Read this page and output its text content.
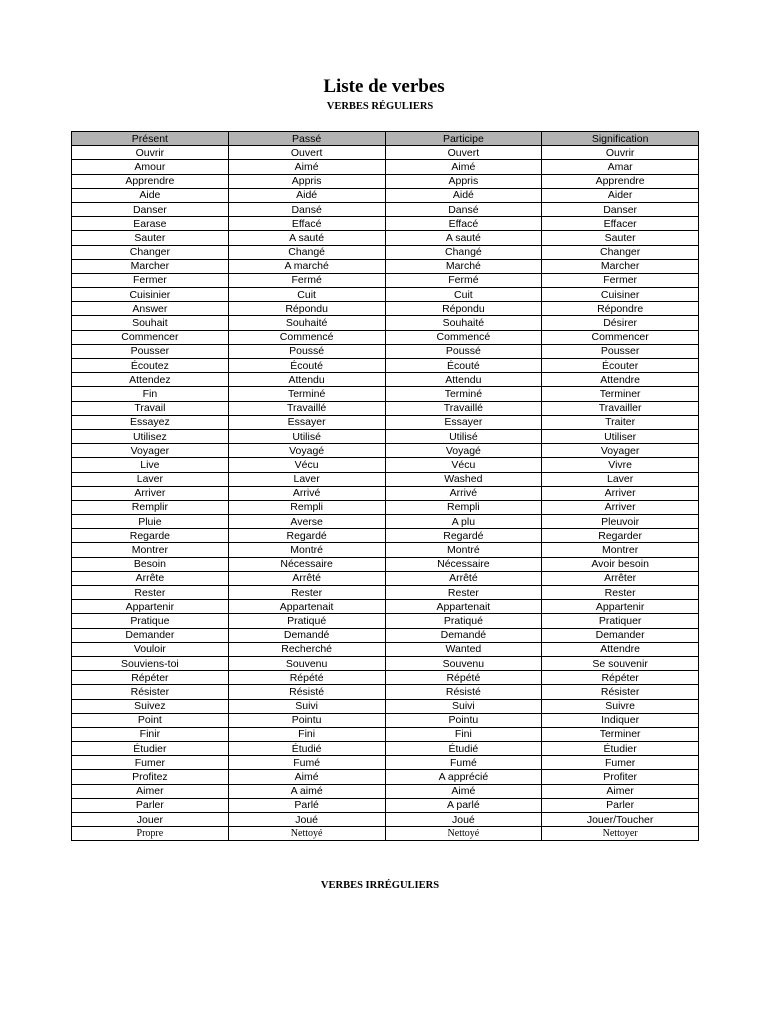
Liste de verbes
VERBES RÉGULIERS
Présent	Passé	Participe	Signification
Ouvrir	Ouvert	Ouvert	Ouvrir
Amour	Aimé	Aimé	Amar
Apprendre	Appris	Appris	Apprendre
Aide	Aidé	Aidé	Aider
Danser	Dansé	Dansé	Danser
Earase	Effacé	Effacé	Effacer
Sauter	A sauté	A sauté	Sauter
Changer	Changé	Changé	Changer
Marcher	A marché	Marché	Marcher
Fermer	Fermé	Fermé	Fermer
Cuisinier	Cuit	Cuit	Cuisiner
Answer	Répondu	Répondu	Répondre
Souhait	Souhaité	Souhaité	Désirer
Commencer	Commencé	Commencé	Commencer
Pousser	Poussé	Poussé	Pousser
Écoutez	Écouté	Écouté	Écouter
Attendez	Attendu	Attendu	Attendre
Fin	Terminé	Terminé	Terminer
Travail	Travaillé	Travaillé	Travailler
Essayez	Essayer	Essayer	Traiter
Utilisez	Utilisé	Utilisé	Utiliser
Voyager	Voyagé	Voyagé	Voyager
Live	Vécu	Vécu	Vivre
Laver	Laver	Washed	Laver
Arriver	Arrivé	Arrivé	Arriver
Remplir	Rempli	Rempli	Arriver
Pluie	Averse	A plu	Pleuvoir
Regarde	Regardé	Regardé	Regarder
Montrer	Montré	Montré	Montrer
Besoin	Nécessaire	Nécessaire	Avoir besoin
Arrête	Arrêté	Arrêté	Arrêter
Rester	Rester	Rester	Rester
Appartenir	Appartenait	Appartenait	Appartenir
Pratique	Pratiqué	Pratiqué	Pratiquer
Demander	Demandé	Demandé	Demander
Vouloir	Recherché	Wanted	Attendre
Souviens-toi	Souvenu	Souvenu	Se souvenir
Répéter	Répété	Répété	Répéter
Résister	Résisté	Résisté	Résister
Suivez	Suivi	Suivi	Suivre
Point	Pointu	Pointu	Indiquer
Finir	Fini	Fini	Terminer
Étudier	Étudié	Étudié	Étudier
Fumer	Fumé	Fumé	Fumer
Profitez	Aimé	A apprécié	Profiter
Aimer	A aimé	Aimé	Aimer
Parler	Parlé	A parlé	Parler
Jouer	Joué	Joué	Jouer/Toucher
Propre	Nettoyé	Nettoyé	Nettoyer
VERBES IRRÉGULIERS
